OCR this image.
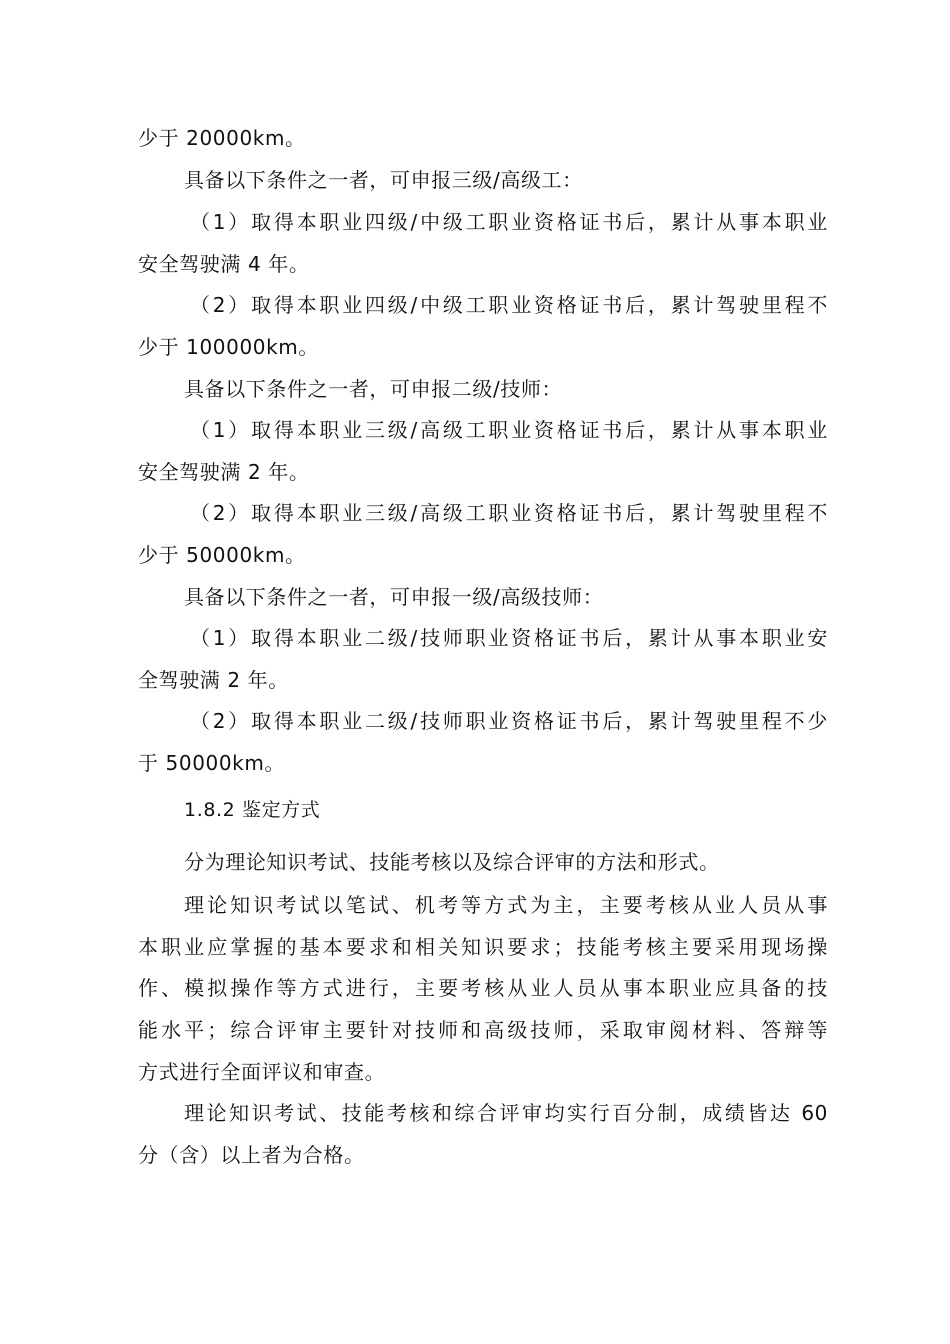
少于 20000km。
具备以下条件之一者，可申报三级/高级工：
（1）取得本职业四级/中级工职业资格证书后，累计从事本职业
安全驾驶满 4 年。
（2）取得本职业四级/中级工职业资格证书后，累计驾驶里程不
少于 100000km。
具备以下条件之一者，可申报二级/技师：
（1）取得本职业三级/高级工职业资格证书后，累计从事本职业
安全驾驶满 2 年。
（2）取得本职业三级/高级工职业资格证书后，累计驾驶里程不
少于 50000km。
具备以下条件之一者，可申报一级/高级技师：
（1）取得本职业二级/技师职业资格证书后，累计从事本职业安
全驾驶满 2 年。
（2）取得本职业二级/技师职业资格证书后，累计驾驶里程不少
于 50000km。
1.8.2 鉴定方式
分为理论知识考试、技能考核以及综合评审的方法和形式。
理论知识考试以笔试、机考等方式为主，主要考核从业人员从事
本职业应掌握的基本要求和相关知识要求；技能考核主要采用现场操
作、模拟操作等方式进行，主要考核从业人员从事本职业应具备的技
能水平；综合评审主要针对技师和高级技师，采取审阅材料、答辩等
方式进行全面评议和审查。
理论知识考试、技能考核和综合评审均实行百分制，成绩皆达 60
分（含）以上者为合格。
